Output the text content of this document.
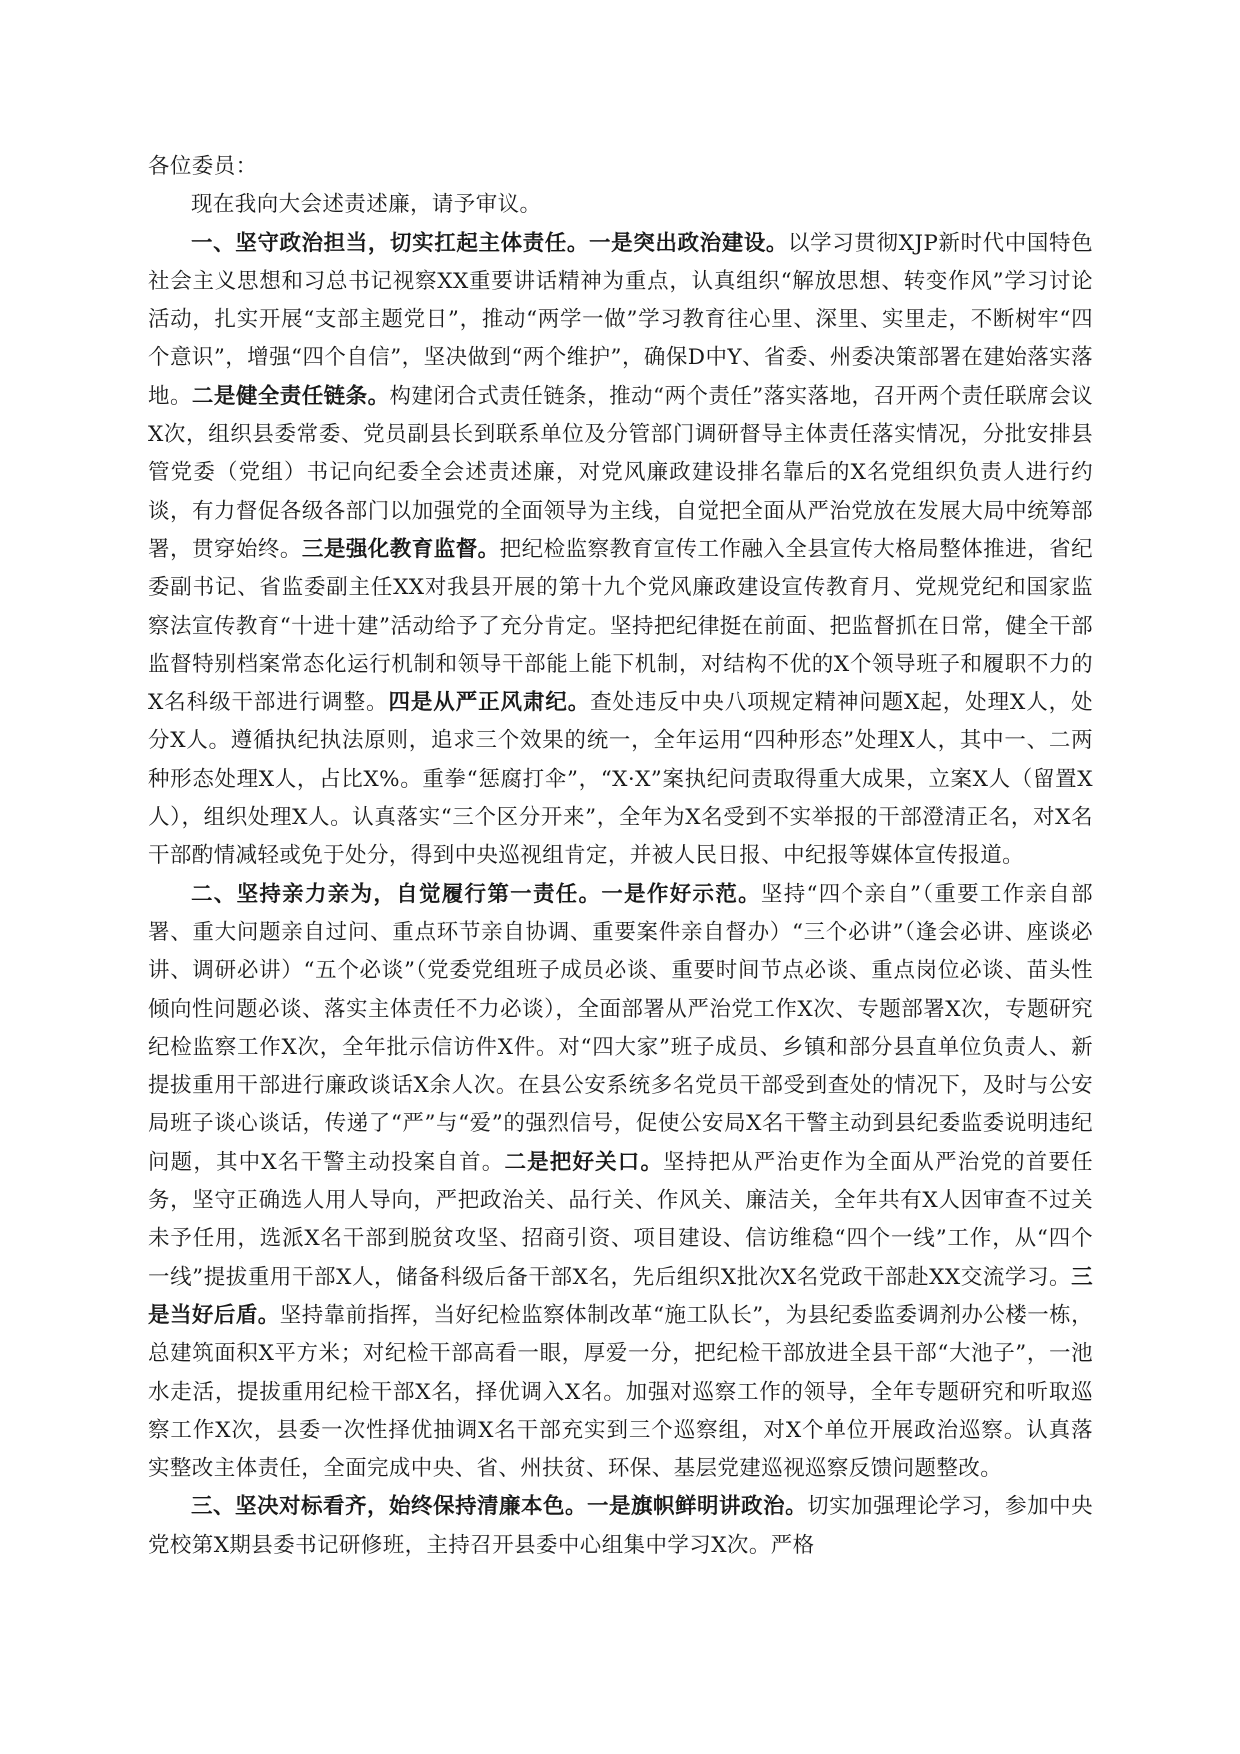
各位委员：

现在我向大会述责述廉，请予审议。

一、坚守政治担当，切实扛起主体责任。一是突出政治建设。以学习贯彻XJP新时代中国特色社会主义思想和习总书记视察XX重要讲话精神为重点，认真组织“解放思想、转变作风”学习讨论活动，扎实开展“支部主题党日”，推动“两学一做”学习教育往心里、深里、实里走，不断树牢“四个意识”，增强“四个自信”，坚决做到“两个维护”，确保D中Y、省委、州委决策部署在建始落实落地。二是健全责任链条。构建闭合式责任链条，推动“两个责任”落实落地，召开两个责任联席会议X次，组织县委常委、党员副县长到联系单位及分管部门调研督导主体责任落实情况，分批安排县管党委（党组）书记向纪委全会述责述廉，对党风廉政建设排名靠后的X名党组织负责人进行约谈，有力督促各级各部门以加强党的全面领导为主线，自觉把全面从严治党放在发展大局中统筹部署，贯穿始终。三是强化教育监督。把纪检监察教育宣传工作融入全县宣传大格局整体推进，省纪委副书记、省监委副主任XX对我县开展的第十九个党风廉政建设宣传教育月、党规党纪和国家监察法宣传教育“十进十建”活动给予了充分肯定。坚持把纪律挺在前面、把监督抓在日常，健全干部监督特别档案常态化运行机制和领导干部能上能下机制，对结构不优的X个领导班子和履职不力的X名科级干部进行调整。四是从严正风肃纪。查处违反中央八项规定精神问题X起，处理X人，处分X人。遵循执纪执法原则，追求三个效果的统一，全年运用“四种形态”处理X人，其中一、二两种形态处理X人，占比X%。重拳“惩腐打伞”，“X·X”案执纪问责取得重大成果，立案X人（留置X人），组织处理X人。认真落实“三个区分开来”，全年为X名受到不实举报的干部澄清正名，对X名干部酌情减轻或免于处分，得到中央巡视组肯定，并被人民日报、中纪报等媒体宣传报道。

二、坚持亲力亲为，自觉履行第一责任。一是作好示范。坚持“四个亲自”（重要工作亲自部署、重大问题亲自过问、重点环节亲自协调、重要案件亲自督办）“三个必讲”（逢会必讲、座谈必讲、调研必讲）“五个必谈”（党委党组班子成员必谈、重要时间节点必谈、重点岗位必谈、苗头性倾向性问题必谈、落实主体责任不力必谈），全面部署从严治党工作X次、专题部署X次，专题研究纪检监察工作X次，全年批示信访件X件。对“四大家”班子成员、乡镇和部分县直单位负责人、新提拔重用干部进行廉政谈话X余人次。在县公安系统多名党员干部受到查处的情况下，及时与公安局班子谈心谈话，传递了“严”与“爱”的强烈信号，促使公安局X名干警主动到县纪委监委说明违纪问题，其中X名干警主动投案自首。二是把好关口。坚持把从严治吏作为全面从严治党的首要任务，坚守正确选人用人导向，严把政治关、品行关、作风关、廉洁关，全年共有X人因审查不过关未予任用，选派X名干部到脱贫攻坚、招商引资、项目建设、信访维稳“四个一线”工作，从“四个一线”提拔重用干部X人，储备科级后备干部X名，先后组织X批次X名党政干部赴XX交流学习。三是当好后盾。坚持靠前指挥，当好纪检监察体制改革“施工队长”，为县纪委监委调剂办公楼一栋，总建筑面积X平方米；对纪检干部高看一眼，厚爱一分，把纪检干部放进全县干部“大池子”，一池水走活，提拔重用纪检干部X名，择优调入X名。加强对巡察工作的领导，全年专题研究和听取巡察工作X次，县委一次性择优抽调X名干部充实到三个巡察组，对X个单位开展政治巡察。认真落实整改主体责任，全面完成中央、省、州扶贫、环保、基层党建巡视巡察反馈问题整改。

三、坚决对标看齐，始终保持清廉本色。一是旗帜鲜明讲政治。切实加强理论学习，参加中央党校第X期县委书记研修班，主持召开县委中心组集中学习X次。严格
